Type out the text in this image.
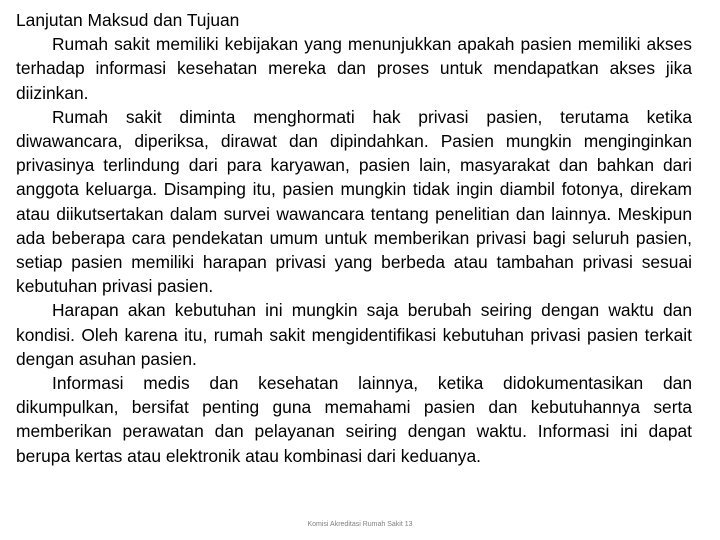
Lanjutan Maksud dan Tujuan

Rumah sakit memiliki kebijakan yang menunjukkan apakah pasien memiliki akses terhadap informasi kesehatan mereka dan proses untuk mendapatkan akses jika diizinkan.

Rumah sakit diminta menghormati hak privasi pasien, terutama ketika diwawancara, diperiksa, dirawat dan dipindahkan. Pasien mungkin menginginkan privasinya terlindung dari para karyawan, pasien lain, masyarakat dan bahkan dari anggota keluarga. Disamping itu, pasien mungkin tidak ingin diambil fotonya, direkam atau diikutsertakan dalam survei wawancara tentang penelitian dan lainnya. Meskipun ada beberapa cara pendekatan umum untuk memberikan privasi bagi seluruh pasien, setiap pasien memiliki harapan privasi yang berbeda atau tambahan privasi sesuai kebutuhan privasi pasien.

Harapan akan kebutuhan ini mungkin saja berubah seiring dengan waktu dan kondisi. Oleh karena itu, rumah sakit mengidentifikasi kebutuhan privasi pasien terkait dengan asuhan pasien.

Informasi medis dan kesehatan lainnya, ketika didokumentasikan dan dikumpulkan, bersifat penting guna memahami pasien dan kebutuhannya serta memberikan perawatan dan pelayanan seiring dengan waktu. Informasi ini dapat berupa kertas atau elektronik atau kombinasi dari keduanya.

Komisi Akreditasi Rumah Sakit 13
